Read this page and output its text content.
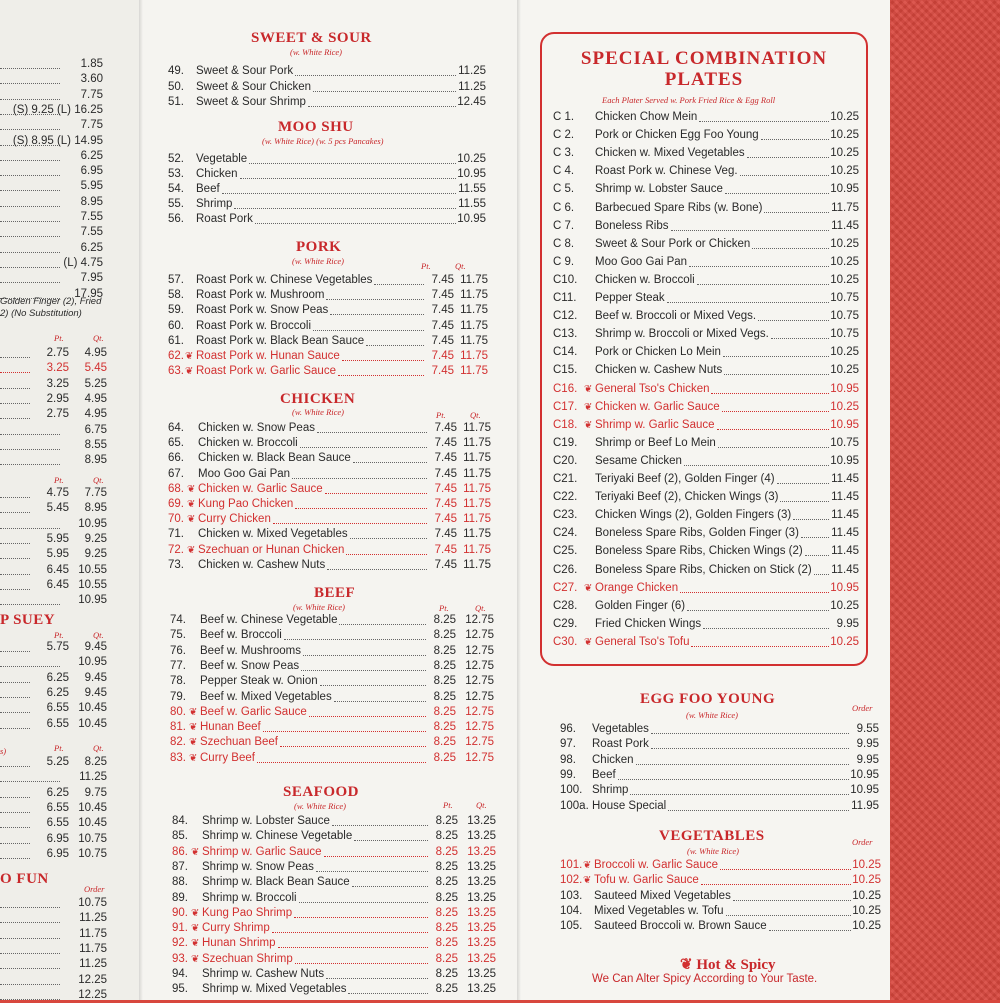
SWEET & SOUR
(w. White Rice)
MOO SHU
(w. White Rice) (w. 5 pcs Pancakes)
PORK
(w. White Rice)
CHICKEN
(w. White Rice)
BEEF
(w. White Rice)
SEAFOOD
(w. White Rice)
SPECIAL COMBINATION
PLATES
Each Plater Served w. Pork Fried Rice & Egg Roll
EGG FOO YOUNG
(w. White Rice)
Order
VEGETABLES
(w. White Rice)
Order
❦ Hot & Spicy
We Can Alter Spicy According to Your Taste.
49. Sweet & Sour Pork	11.25
50. Sweet & Sour Chicken	11.25
51. Sweet & Sour Shrimp	12.45
52. Vegetable	10.25
53. Chicken	10.95
54. Beef	11.55
55. Shrimp	11.55
56. Roast Pork	10.95
57. Roast Pork w. Chinese Vegetables	7.45 11.75
58. Roast Pork w. Mushroom	7.45 11.75
59. Roast Pork w. Snow Peas	7.45 11.75
60. Roast Pork w. Broccoli	7.45 11.75
61. Roast Pork w. Black Bean Sauce	7.45 11.75
62. ❦ Roast Pork w. Hunan Sauce	7.45 11.75
63. ❦ Roast Pork w. Garlic Sauce	7.45 11.75
64. Chicken w. Snow Peas	7.45 11.75
65. Chicken w. Broccoli	7.45 11.75
66. Chicken w. Black Bean Sauce	7.45 11.75
67. Moo Goo Gai Pan	7.45 11.75
68. ❦ Chicken w. Garlic Sauce	7.45 11.75
69. ❦ Kung Pao Chicken	7.45 11.75
70. ❦ Curry Chicken	7.45 11.75
71. Chicken w. Mixed Vegetables	7.45 11.75
72. ❦ Szechuan or Hunan Chicken	7.45 11.75
73. Chicken w. Cashew Nuts	7.45 11.75
74. Beef w. Chinese Vegetable	8.25 12.75
75. Beef w. Broccoli	8.25 12.75
76. Beef w. Mushrooms	8.25 12.75
77. Beef w. Snow Peas	8.25 12.75
78. Pepper Steak w. Onion	8.25 12.75
79. Beef w. Mixed Vegetables	8.25 12.75
80. ❦ Beef w. Garlic Sauce	8.25 12.75
81. ❦ Hunan Beef	8.25 12.75
82. ❦ Szechuan Beef	8.25 12.75
83. ❦ Curry Beef	8.25 12.75
84. Shrimp w. Lobster Sauce	8.25 13.25
85. Shrimp w. Chinese Vegetable	8.25 13.25
86. ❦ Shrimp w. Garlic Sauce	8.25 13.25
87. Shrimp w. Snow Peas	8.25 13.25
88. Shrimp w. Black Bean Sauce	8.25 13.25
89. Shrimp w. Broccoli	8.25 13.25
90. ❦ Kung Pao Shrimp	8.25 13.25
91. ❦ Curry Shrimp	8.25 13.25
92. ❦ Hunan Shrimp	8.25 13.25
93. ❦ Szechuan Shrimp	8.25 13.25
94. Shrimp w. Cashew Nuts	8.25 13.25
95. Shrimp w. Mixed Vegetables	8.25 13.25
Pt.	Qt.
Pt.	Qt.
Pt.	Qt.
Pt.	Qt.
C 1. Chicken Chow Mein	10.25
C 2. Pork or Chicken Egg Foo Young	10.25
C 3. Chicken w. Mixed Vegetables	10.25
C 4. Roast Pork w. Chinese Veg.	10.25
C 5. Shrimp w. Lobster Sauce	10.95
C 6. Barbecued Spare Ribs (w. Bone)	11.75
C 7. Boneless Ribs	11.45
C 8. Sweet & Sour Pork or Chicken	10.25
C 9. Moo Goo Gai Pan	10.25
C10. Chicken w. Broccoli	10.25
C11. Pepper Steak	10.75
C12. Beef w. Broccoli or Mixed Vegs.	10.75
C13. Shrimp w. Broccoli or Mixed Vegs.	10.75
C14. Pork or Chicken Lo Mein	10.25
C15. Chicken w. Cashew Nuts	10.25
C16. ❦ General Tso's Chicken	10.95
C17. ❦ Chicken w. Garlic Sauce	10.25
C18. ❦ Shrimp w. Garlic Sauce	10.95
C19. Shrimp or Beef Lo Mein	10.75
C20. Sesame Chicken	10.95
C21. Teriyaki Beef (2), Golden Finger (4)	11.45
C22. Teriyaki Beef (2), Chicken Wings (3)	11.45
C23. Chicken Wings (2), Golden Fingers (3)	11.45
C24. Boneless Spare Ribs, Golden Finger (3)	11.45
C25. Boneless Spare Ribs, Chicken Wings (2)	11.45
C26. Boneless Spare Ribs, Chicken on Stick (2)	11.45
C27. ❦ Orange Chicken	10.95
C28. Golden Finger (6)	10.25
C29. Fried Chicken Wings	9.95
C30. ❦ General Tso's Tofu	10.25
96. Vegetables	9.55
97. Roast Pork	9.95
98. Chicken	9.95
99. Beef	10.95
100. Shrimp	10.95
100a. House Special	11.95
101. ❦ Broccoli w. Garlic Sauce	10.25
102. ❦ Tofu w. Garlic Sauce	10.25
103. Sauteed Mixed Vegetables	10.25
104. Mixed Vegetables w. Tofu	10.25
105. Sauteed Broccoli w. Brown Sauce	10.25
1.85
3.60
7.75
(S) 9.25 (L) 16.25
7.75
(S) 8.95 (L) 14.95
6.25
6.95
5.95
8.95
7.55
7.55
6.25
(L) 4.75
7.95
17.95
Golden Finger (2), Fried
2) (No Substitution)
Pt.	Qt.
2.75	4.95
3.25	5.45
3.25	5.25
2.95	4.95
2.75	4.95
6.75
8.55
8.95
Pt.	Qt.
4.75	7.75
5.45	8.95
10.95
5.95	9.25
5.95	9.25
6.45 10.55
6.45 10.55
10.95
P SUEY
Pt.	Qt.
5.75	9.45
10.95
6.25	9.45
6.25	9.45
6.55 10.45
6.55 10.45
s)	Pt.	Qt.
5.25	8.25
11.25
6.25	9.75
6.55 10.45
6.55 10.45
6.95 10.75
6.95 10.75
O FUN
Order
10.75
11.25
11.75
11.75
11.25
12.25
12.25
